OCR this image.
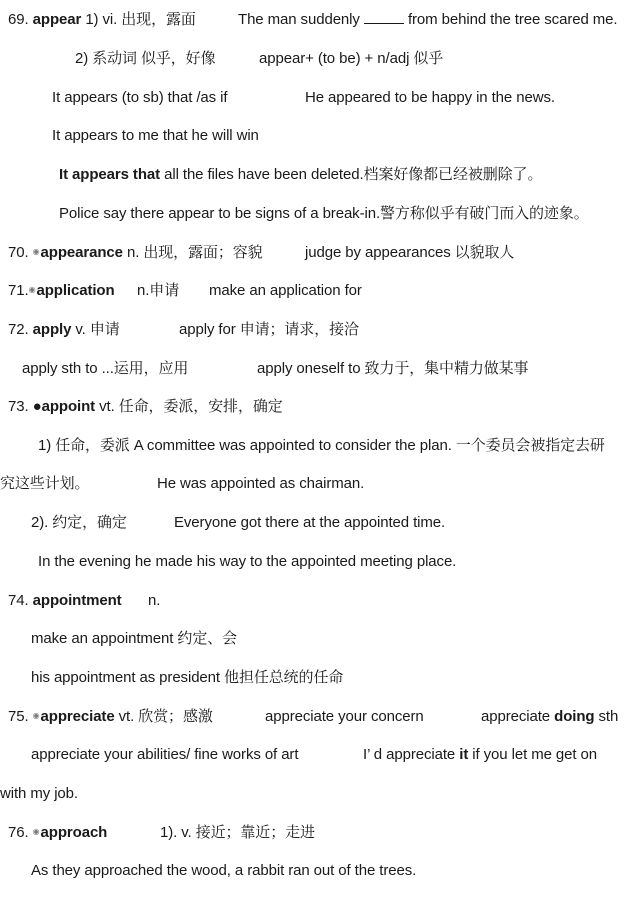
69. appear 1) vi. 出现，露面	The man suddenly	from behind the tree scared me.
2) 系动词 似乎，好像	appear+ (to be) + n/adj 似乎
It appears (to sb) that /as if	He appeared to be happy in the news.
It appears to me that he will win
It appears that all the files have been deleted.档案好像都已经被删除了。
Police say there appear to be signs of a break-in.警方称似乎有破门而入的迹象。
70. ◉appearance n. 出现，露面；容貌	judge by appearances 以貌取人
71.◉application n.申请 make an application for
72. apply v. 申请	apply for 申请；请求，接洽
apply sth to ...运用，应用	apply oneself to 致力于，集中精力做某事
73. ●appoint vt. 任命，委派，安排，确定
1) 任命，委派 A committee was appointed to consider the plan. 一个委员会被指定去研
究这些计划。	He was appointed as chairman.
2). 约定，确定	Everyone got there at the appointed time.
In the evening he made his way to the appointed meeting place.
74. appointment n.
make an appointment 约定、会
his appointment as president 他担任总统的任命
75. ◉appreciate vt. 欣赏；感激	appreciate your concern	appreciate doing sth
appreciate your abilities/ fine works of art	I’ d appreciate it if you let me get on
with my job.
76. ◉approach	1). v. 接近；靠近；走进
As they approached the wood, a rabbit ran out of the trees.
